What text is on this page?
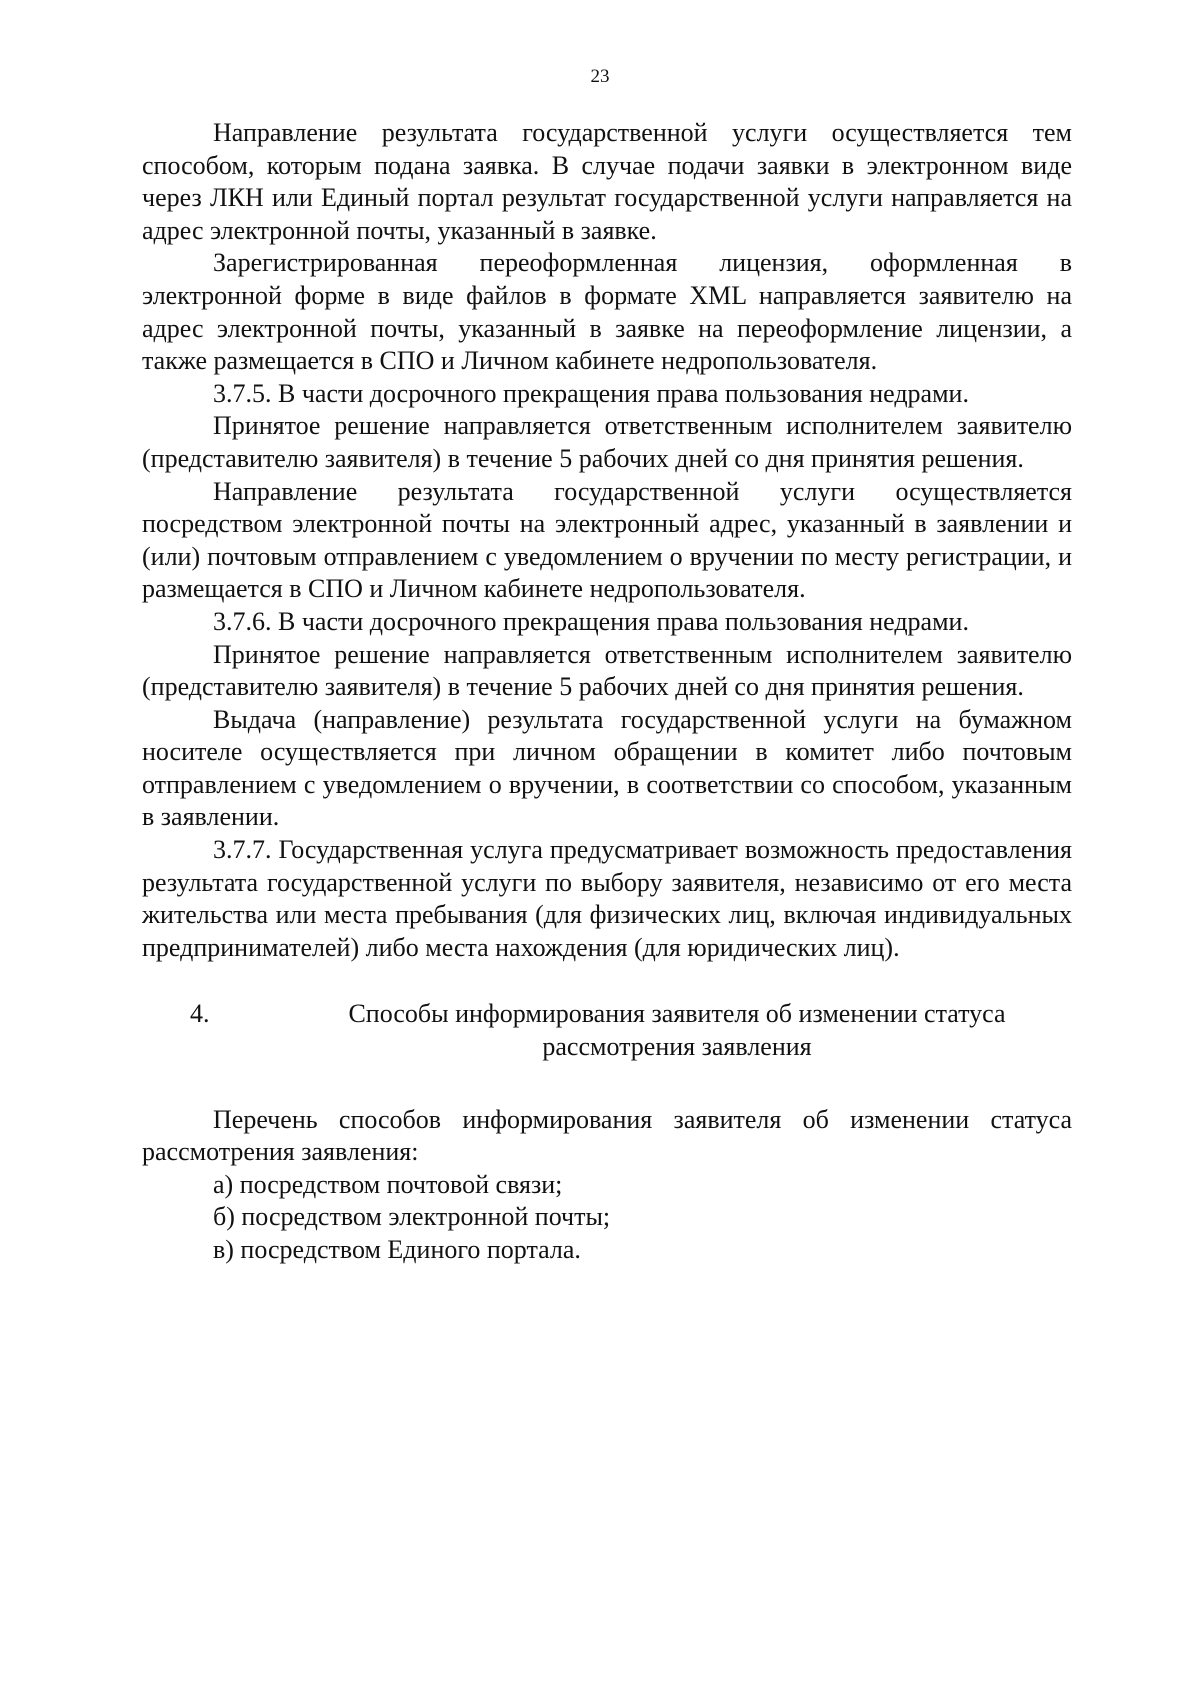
23

Направление результата государственной услуги осуществляется тем способом, которым подана заявка. В случае подачи заявки в электронном виде через ЛКН или Единый портал результат государственной услуги направляется на адрес электронной почты, указанный в заявке.

Зарегистрированная переоформленная лицензия, оформленная в электронной форме в виде файлов в формате XML направляется заявителю на адрес электронной почты, указанный в заявке на переоформление лицензии, а также размещается в СПО и Личном кабинете недропользователя.

3.7.5. В части досрочного прекращения права пользования недрами.

Принятое решение направляется ответственным исполнителем заявителю (представителю заявителя) в течение 5 рабочих дней со дня принятия решения.

Направление результата государственной услуги осуществляется посредством электронной почты на электронный адрес, указанный в заявлении и (или) почтовым отправлением с уведомлением о вручении по месту регистрации, и размещается в СПО и Личном кабинете недропользователя.

3.7.6. В части досрочного прекращения права пользования недрами.

Принятое решение направляется ответственным исполнителем заявителю (представителю заявителя) в течение 5 рабочих дней со дня принятия решения.

Выдача (направление) результата государственной услуги на бумажном носителе осуществляется при личном обращении в комитет либо почтовым отправлением с уведомлением о вручении, в соответствии со способом, указанным в заявлении.

3.7.7. Государственная услуга предусматривает возможность предоставления результата государственной услуги по выбору заявителя, независимо от его места жительства или места пребывания (для физических лиц, включая индивидуальных предпринимателей) либо места нахождения (для юридических лиц).

4.	Способы информирования заявителя об изменении статуса
рассмотрения заявления

Перечень способов информирования заявителя об изменении статуса рассмотрения заявления:

а) посредством почтовой связи;

б) посредством электронной почты;

в) посредством Единого портала.
